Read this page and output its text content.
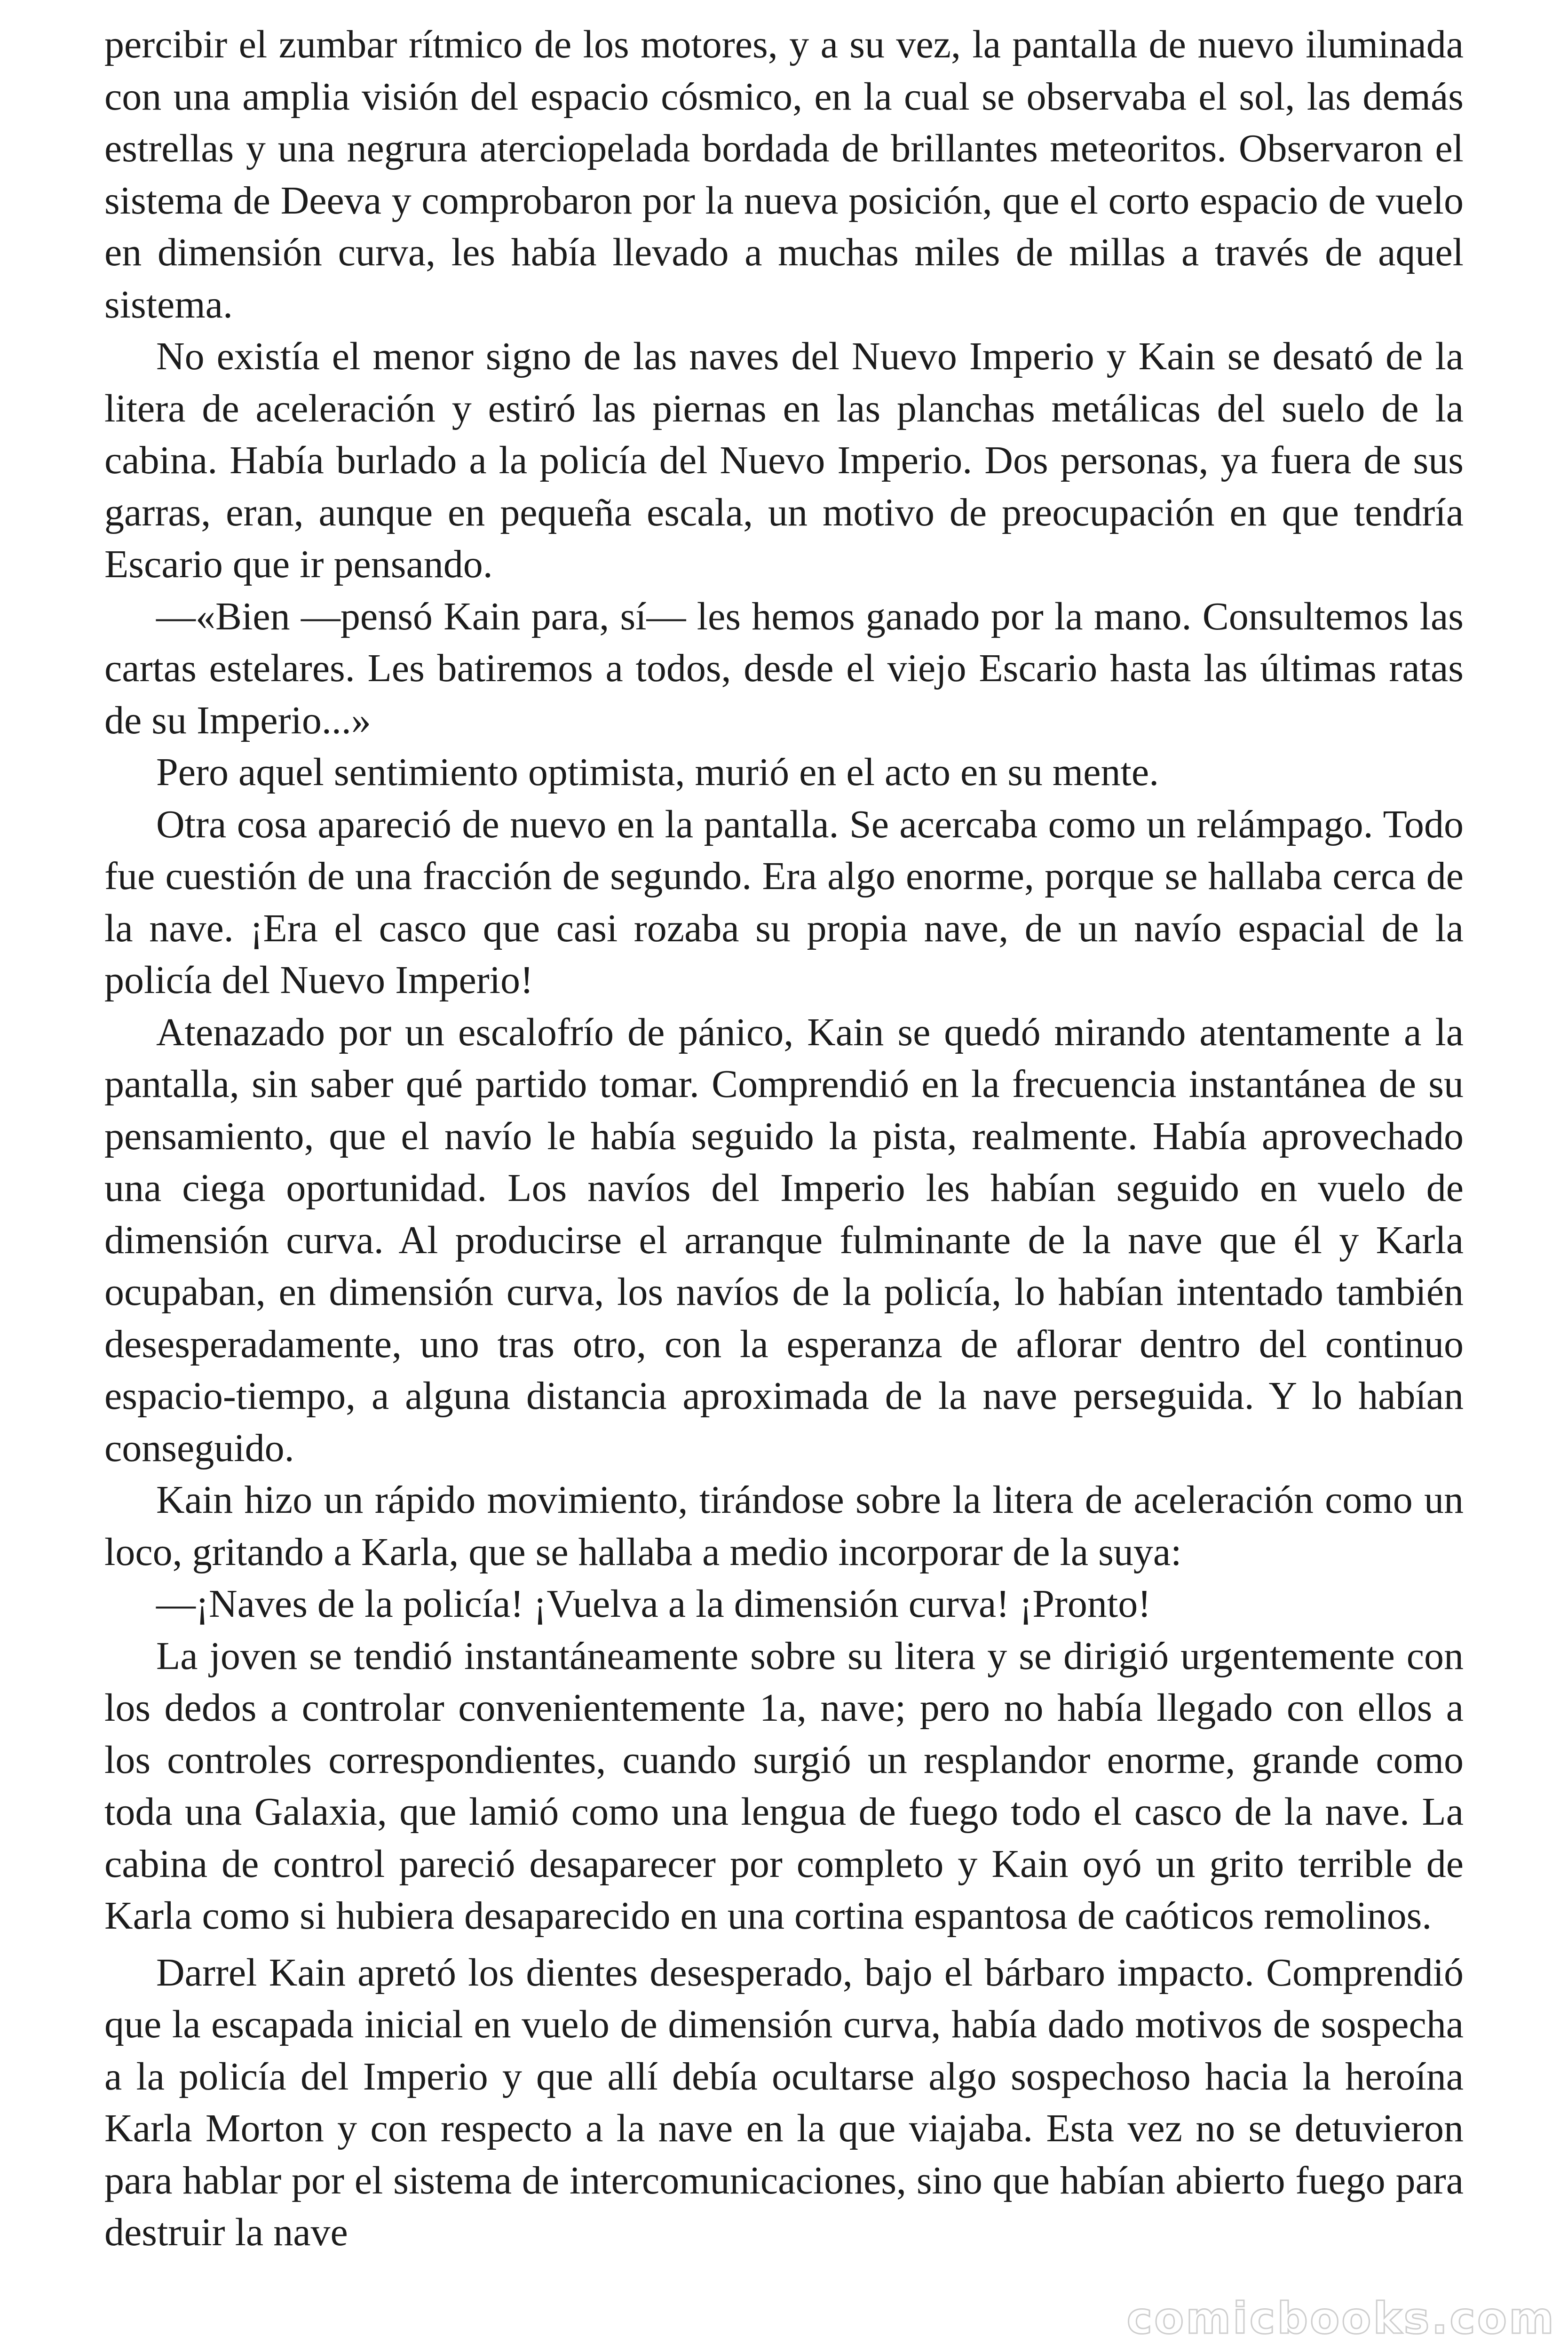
percibir el zumbar rítmico de los motores, y a su vez, la pantalla de nuevo iluminada con una amplia visión del espacio cósmico, en la cual se observaba el sol, las demás estrellas y una negrura aterciopelada bordada de brillantes meteoritos. Observaron el sistema de Deeva y comprobaron por la nueva posición, que el corto espacio de vuelo en dimensión curva, les había llevado a muchas miles de millas a través de aquel sistema.

No existía el menor signo de las naves del Nuevo Imperio y Kain se desató de la litera de aceleración y estiró las piernas en las planchas metálicas del suelo de la cabina. Había burlado a la policía del Nuevo Imperio. Dos personas, ya fuera de sus garras, eran, aunque en pequeña escala, un motivo de preocupación en que tendría Escario que ir pensando.

—«Bien —pensó Kain para, sí— les hemos ganado por la mano. Consultemos las cartas estelares. Les batiremos a todos, desde el viejo Escario hasta las últimas ratas de su Imperio...»

Pero aquel sentimiento optimista, murió en el acto en su mente.

Otra cosa apareció de nuevo en la pantalla. Se acercaba como un relámpago. Todo fue cuestión de una fracción de segundo. Era algo enorme, porque se hallaba cerca de la nave. ¡Era el casco que casi rozaba su propia nave, de un navío espacial de la policía del Nuevo Imperio!

Atenazado por un escalofrío de pánico, Kain se quedó mirando atentamente a la pantalla, sin saber qué partido tomar. Comprendió en la frecuencia instantánea de su pensamiento, que el navío le había seguido la pista, realmente. Había aprovechado una ciega oportunidad. Los navíos del Imperio les habían seguido en vuelo de dimensión curva. Al producirse el arranque fulminante de la nave que él y Karla ocupaban, en dimensión curva, los navíos de la policía, lo habían intentado también desesperadamente, uno tras otro, con la esperanza de aflorar dentro del continuo espacio-tiempo, a alguna distancia aproximada de la nave perseguida. Y lo habían conseguido.

Kain hizo un rápido movimiento, tirándose sobre la litera de aceleración como un loco, gritando a Karla, que se hallaba a medio incorporar de la suya:

—¡Naves de la policía! ¡Vuelva a la dimensión curva! ¡Pronto!

La joven se tendió instantáneamente sobre su litera y se dirigió urgentemente con los dedos a controlar convenientemente 1a, nave; pero no había llegado con ellos a los controles correspondientes, cuando surgió un resplandor enorme, grande como toda una Galaxia, que lamió como una lengua de fuego todo el casco de la nave. La cabina de control pareció desaparecer por completo y Kain oyó un grito terrible de Karla como si hubiera desaparecido en una cortina espantosa de caóticos remolinos.

Darrel Kain apretó los dientes desesperado, bajo el bárbaro impacto. Comprendió que la escapada inicial en vuelo de dimensión curva, había dado motivos de sospecha a la policía del Imperio y que allí debía ocultarse algo sospechoso hacia la heroína Karla Morton y con respecto a la nave en la que viajaba. Esta vez no se detuvieron para hablar por el sistema de intercomunicaciones, sino que habían abierto fuego para destruir la nave

comicbooks.com
